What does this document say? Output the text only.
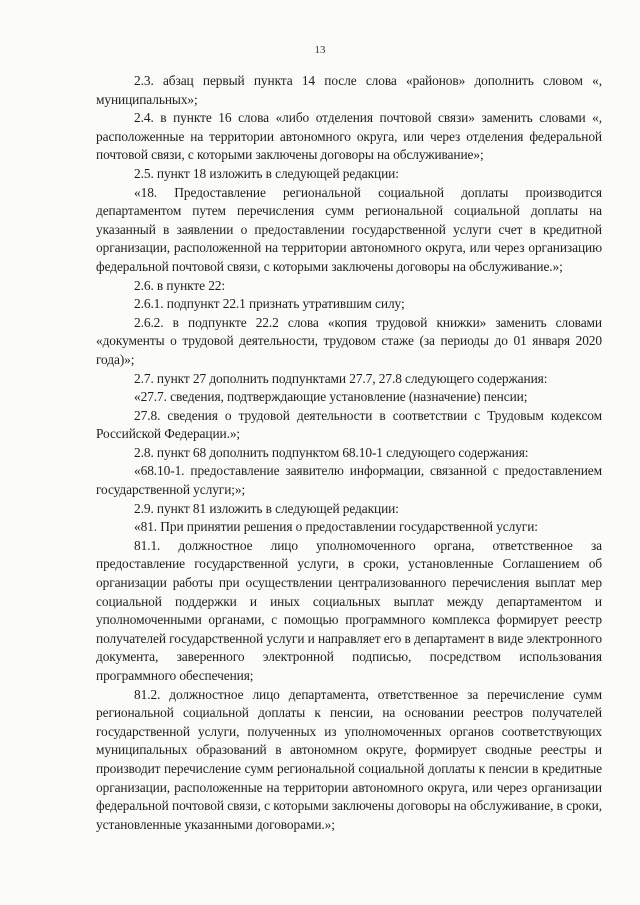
13

2.3. абзац первый пункта 14 после слова «районов» дополнить словом «, муниципальных»;

2.4. в пункте 16 слова «либо отделения почтовой связи» заменить словами «, расположенные на территории автономного округа, или через отделения федеральной почтовой связи, с которыми заключены договоры на обслуживание»;

2.5. пункт 18 изложить в следующей редакции:

«18. Предоставление региональной социальной доплаты производится департаментом путем перечисления сумм региональной социальной доплаты на указанный в заявлении о предоставлении государственной услуги счет в кредитной организации, расположенной на территории автономного округа, или через организацию федеральной почтовой связи, с которыми заключены договоры на обслуживание.»;

2.6. в пункте 22:

2.6.1. подпункт 22.1 признать утратившим силу;

2.6.2. в подпункте 22.2 слова «копия трудовой книжки» заменить словами «документы о трудовой деятельности, трудовом стаже (за периоды до 01 января 2020 года)»;

2.7. пункт 27 дополнить подпунктами 27.7, 27.8 следующего содержания:

«27.7. сведения, подтверждающие установление (назначение) пенсии;

27.8. сведения о трудовой деятельности в соответствии с Трудовым кодексом Российской Федерации.»;

2.8. пункт 68 дополнить подпунктом 68.10-1 следующего содержания:

«68.10-1. предоставление заявителю информации, связанной с предоставлением государственной услуги;»;

2.9. пункт 81 изложить в следующей редакции:

«81. При принятии решения о предоставлении государственной услуги:

81.1. должностное лицо уполномоченного органа, ответственное за предоставление государственной услуги, в сроки, установленные Соглашением об организации работы при осуществлении централизованного перечисления выплат мер социальной поддержки и иных социальных выплат между департаментом и уполномоченными органами, с помощью программного комплекса формирует реестр получателей государственной услуги и направляет его в департамент в виде электронного документа, заверенного электронной подписью, посредством использования программного обеспечения;

81.2. должностное лицо департамента, ответственное за перечисление сумм региональной социальной доплаты к пенсии, на основании реестров получателей государственной услуги, полученных из уполномоченных органов соответствующих муниципальных образований в автономном округе, формирует сводные реестры и производит перечисление сумм региональной социальной доплаты к пенсии в кредитные организации, расположенные на территории автономного округа, или через организации федеральной почтовой связи, с которыми заключены договоры на обслуживание, в сроки, установленные указанными договорами.»;
